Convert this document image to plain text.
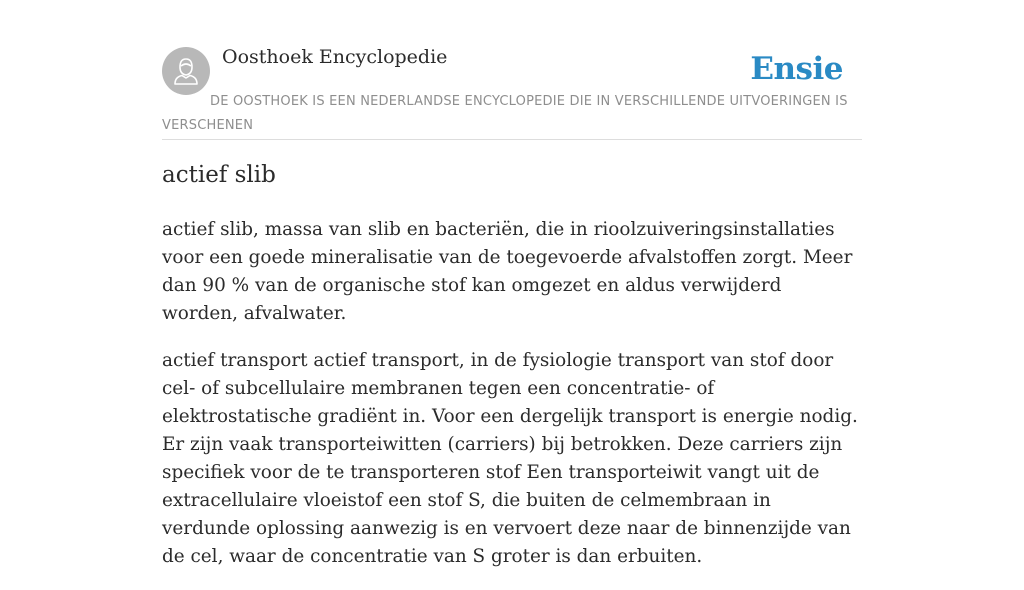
Oosthoek Encyclopedie	Ensie
DE OOSTHOEK IS EEN NEDERLANDSE ENCYCLOPEDIE DIE IN VERSCHILLENDE UITVOERINGEN IS VERSCHENEN
actief slib

actief slib, massa van slib en bacteriën, die in rioolzuiveringsinstallaties voor een goede mineralisatie van de toegevoerde afvalstoffen zorgt. Meer dan 90 % van de organische stof kan omgezet en aldus verwijderd worden, afvalwater.

actief transport actief transport, in de fysiologie transport van stof door cel- of subcellulaire membranen tegen een concentratie- of elektrostatische gradiënt in. Voor een dergelijk transport is energie nodig. Er zijn vaak transporteiwitten (carriers) bij betrokken. Deze carriers zijn specifiek voor de te transporteren stof Een transporteiwit vangt uit de extracellulaire vloeistof een stof S, die buiten de celmembraan in verdunde oplossing aanwezig is en vervoert deze naar de binnenzijde van de cel, waar de concentratie van S groter is dan erbuiten.
